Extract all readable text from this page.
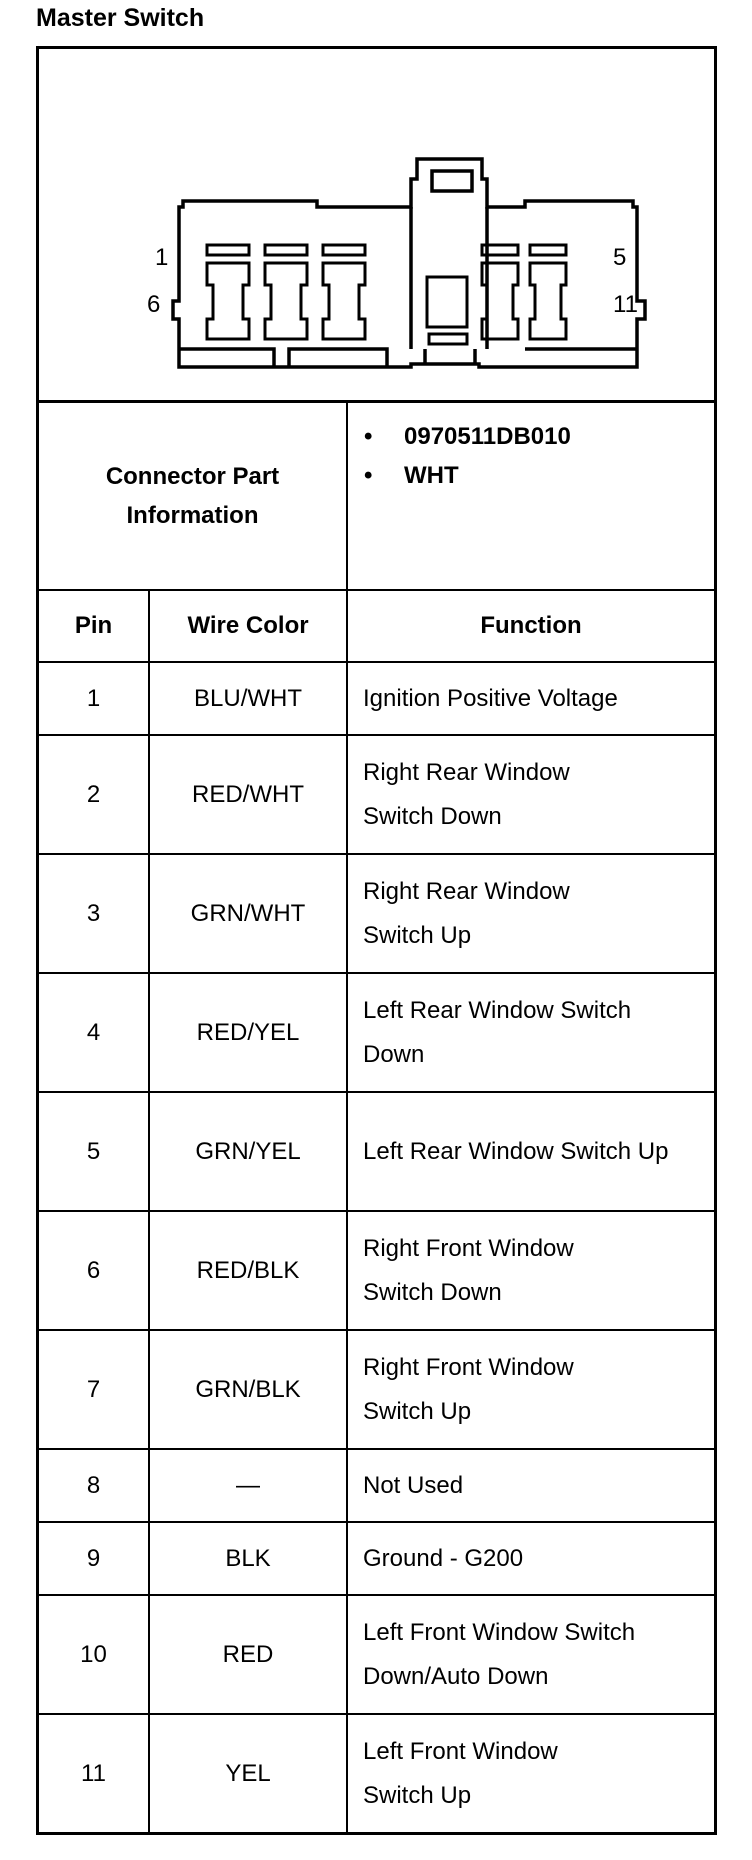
Master Switch
1
6
5
11
Connector Part Information		• 0970511DB010
• WHT

Pin	Wire Color	Function
1	BLU/WHT	Ignition Positive Voltage
2	RED/WHT	Right Rear Window Switch Down

3	GRN/WHT	Right Rear Window Switch Up

4	RED/YEL	Left Rear Window Switch Down

5	GRN/YEL	Left Rear Window Switch Up

6	RED/BLK	Right Front Window Switch Down

7	GRN/BLK	Right Front Window Switch Up

8	—	Not Used
9	BLK	Ground - G200
10	RED	Left Front Window Switch Down/Auto Down

11	YEL	Left Front Window Switch Up
